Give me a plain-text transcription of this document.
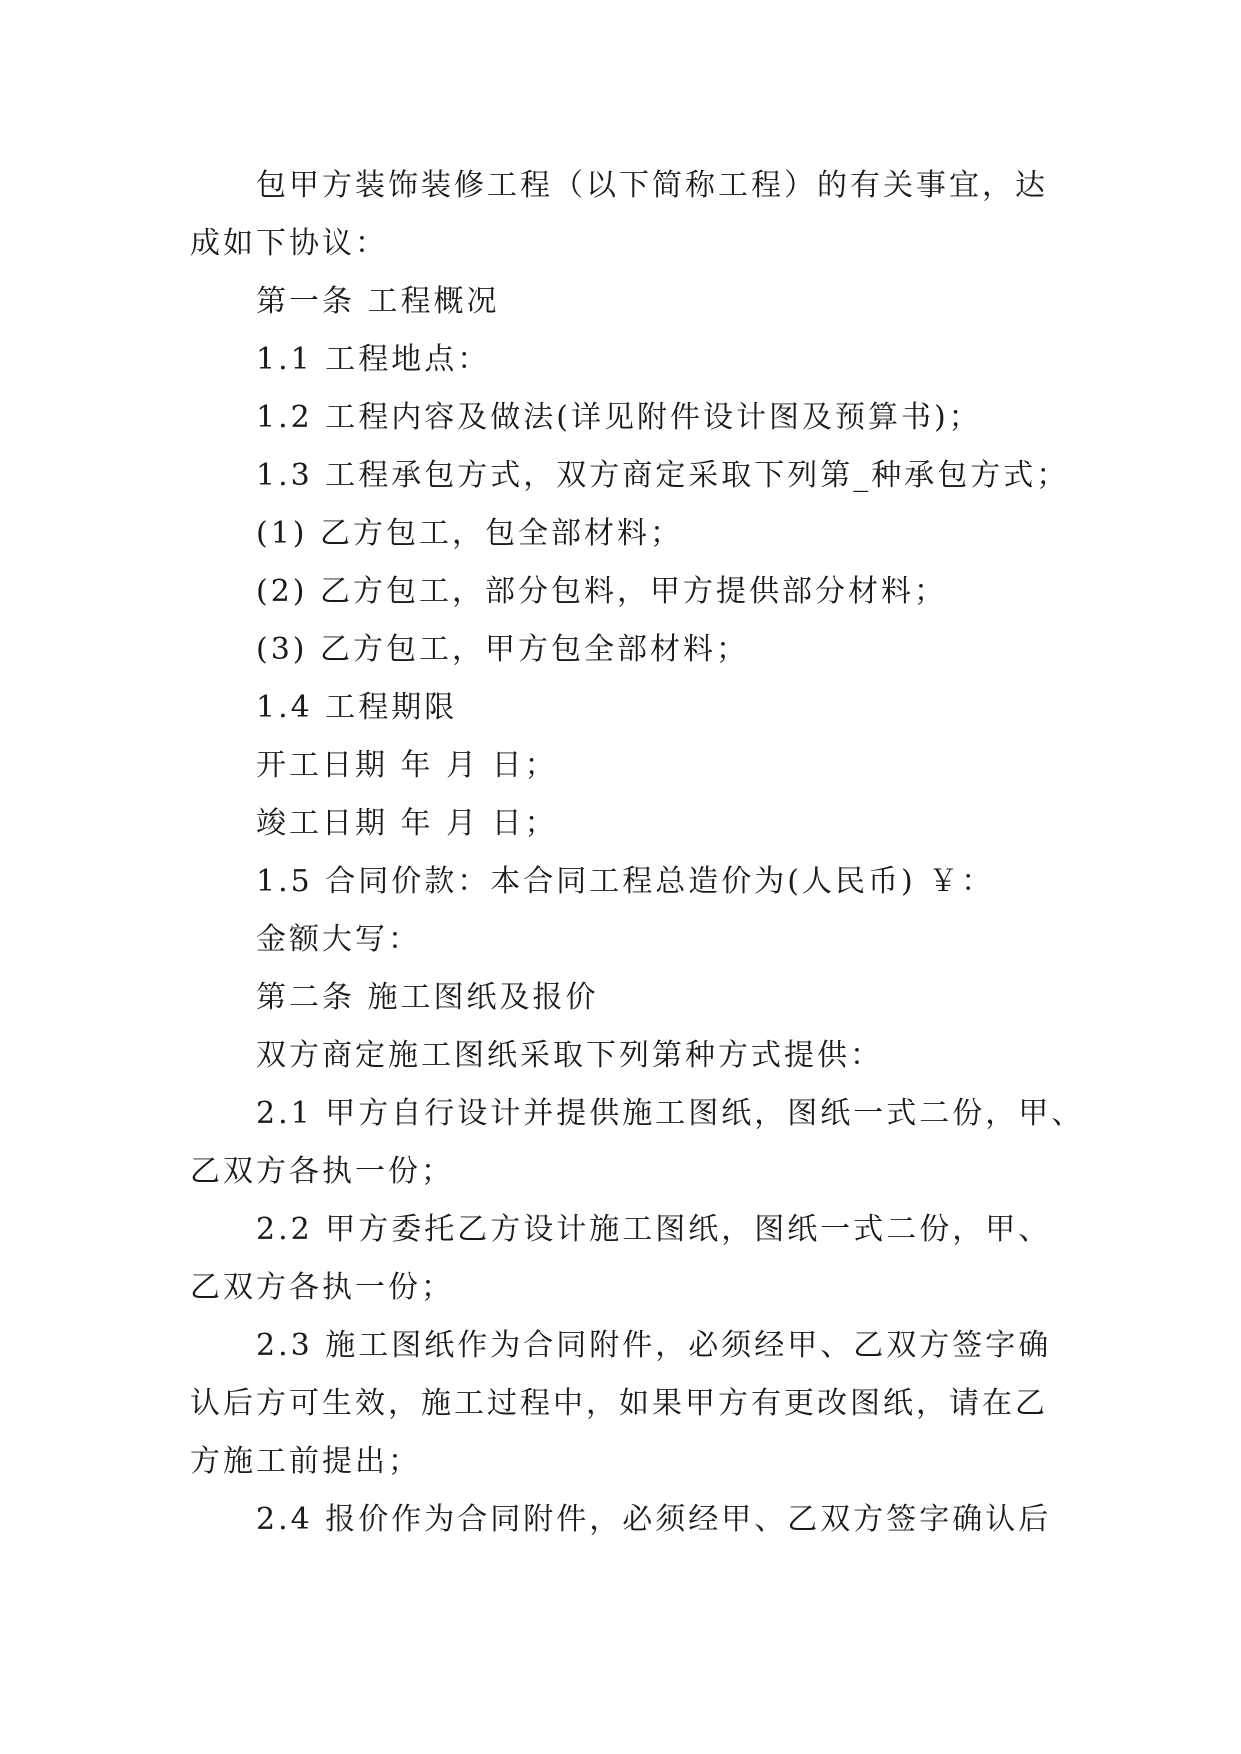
包甲方装饰装修工程（以下简称工程）的有关事宜，达
成如下协议：
第一条 工程概况
1.1 工程地点：
1.2 工程内容及做法(详见附件设计图及预算书)；
1.3 工程承包方式，双方商定采取下列第_种承包方式；
(1) 乙方包工，包全部材料；
(2) 乙方包工，部分包料，甲方提供部分材料；
(3) 乙方包工，甲方包全部材料；
1.4 工程期限
开工日期 年 月 日；
竣工日期 年 月 日；
1.5 合同价款：本合同工程总造价为(人民币) ￥：
金额大写：
第二条 施工图纸及报价
双方商定施工图纸采取下列第种方式提供：
2.1 甲方自行设计并提供施工图纸，图纸一式二份，甲、
乙双方各执一份；
2.2 甲方委托乙方设计施工图纸，图纸一式二份，甲、
乙双方各执一份；
2.3 施工图纸作为合同附件，必须经甲、乙双方签字确
认后方可生效，施工过程中，如果甲方有更改图纸，请在乙
方施工前提出；
2.4 报价作为合同附件，必须经甲、乙双方签字确认后
